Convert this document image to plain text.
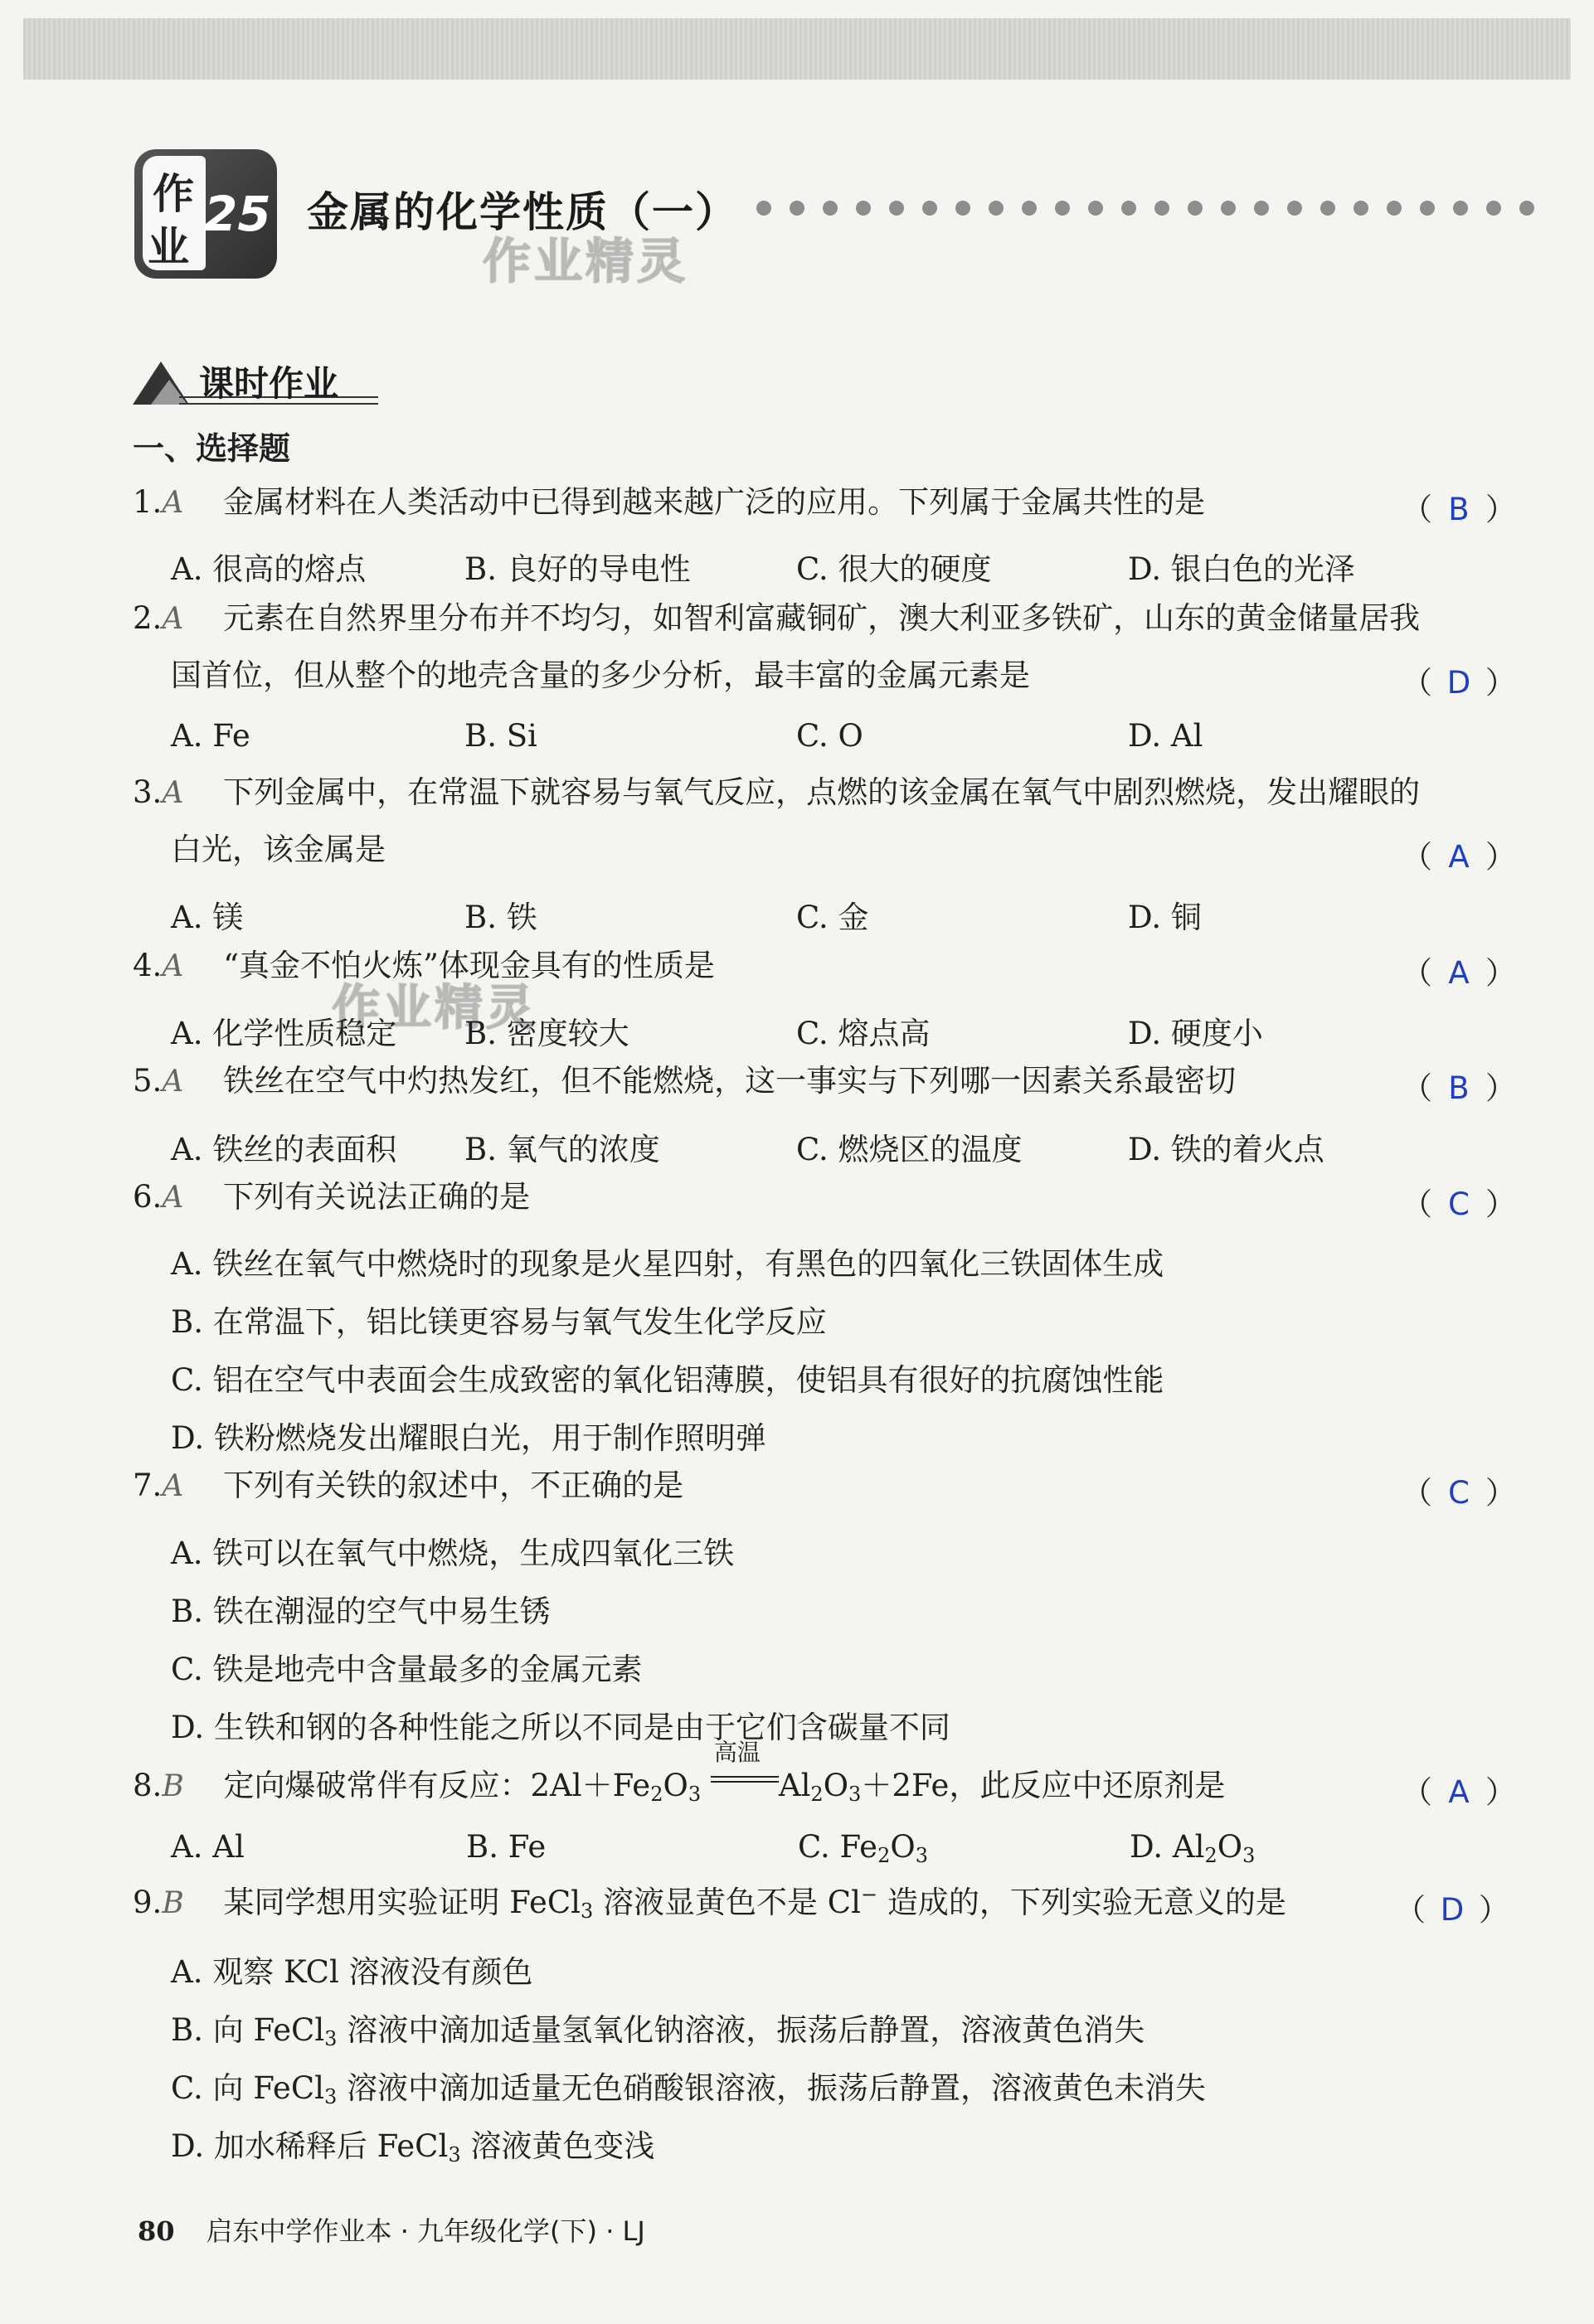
作
业
25 金属的化学性质（一）
作业精灵
作业精灵
课时作业
一、选择题
1.A 金属材料在人类活动中已得到越来越广泛的应用。下列属于金属共性的是	（ B ）
A. 很高的熔点	B. 良好的导电性	C. 很大的硬度	D. 银白色的光泽
2.A 元素在自然界里分布并不均匀，如智利富藏铜矿，澳大利亚多铁矿，山东的黄金储量居我
国首位，但从整个的地壳含量的多少分析，最丰富的金属元素是	（ D ）
A. Fe	B. Si	C. O	D. Al
3.A 下列金属中，在常温下就容易与氧气反应，点燃的该金属在氧气中剧烈燃烧，发出耀眼的
白光，该金属是	（ A ）
A. 镁	B. 铁	C. 金	D. 铜
4.A “真金不怕火炼”体现金具有的性质是	（ A ）
A. 化学性质稳定 B. 密度较大	C. 熔点高	D. 硬度小
5.A 铁丝在空气中灼热发红，但不能燃烧，这一事实与下列哪一因素关系最密切	（ B ）
A. 铁丝的表面积 B. 氧气的浓度	C. 燃烧区的温度	D. 铁的着火点
6.A 下列有关说法正确的是	（ C ）
A. 铁丝在氧气中燃烧时的现象是火星四射，有黑色的四氧化三铁固体生成
B. 在常温下，铝比镁更容易与氧气发生化学反应
C. 铝在空气中表面会生成致密的氧化铝薄膜，使铝具有很好的抗腐蚀性能
D. 铁粉燃烧发出耀眼白光，用于制作照明弹
7.A 下列有关铁的叙述中，不正确的是	（ C ）
A. 铁可以在氧气中燃烧，生成四氧化三铁
B. 铁在潮湿的空气中易生锈
C. 铁是地壳中含量最多的金属元素
D. 生铁和钢的各种性能之所以不同是由于它们含碳量不同
8.B 定向爆破常伴有反应：$2Al+Fe_2O_3$
高温
$Al_2O_3+2Fe$，此反应中还原剂是	（ A ）
A. Al	B. Fe	C. $Fe_2O_3$	D. $Al_2O_3$
9.B 某同学想用实验证明 FeCl$_3$ 溶液显黄色不是 Cl− 造成的，下列实验无意义的是	（ D ）
A. 观察 KCl 溶液没有颜色
B. 向 FeCl$_3$ 溶液中滴加适量氢氧化钠溶液，振荡后静置，溶液黄色消失
C. 向 FeCl$_3$ 溶液中滴加适量无色硝酸银溶液，振荡后静置，溶液黄色未消失
D. 加水稀释后 FeCl$_3$ 溶液黄色变浅
80 启东中学作业本 · 九年级化学(下) · LJ
